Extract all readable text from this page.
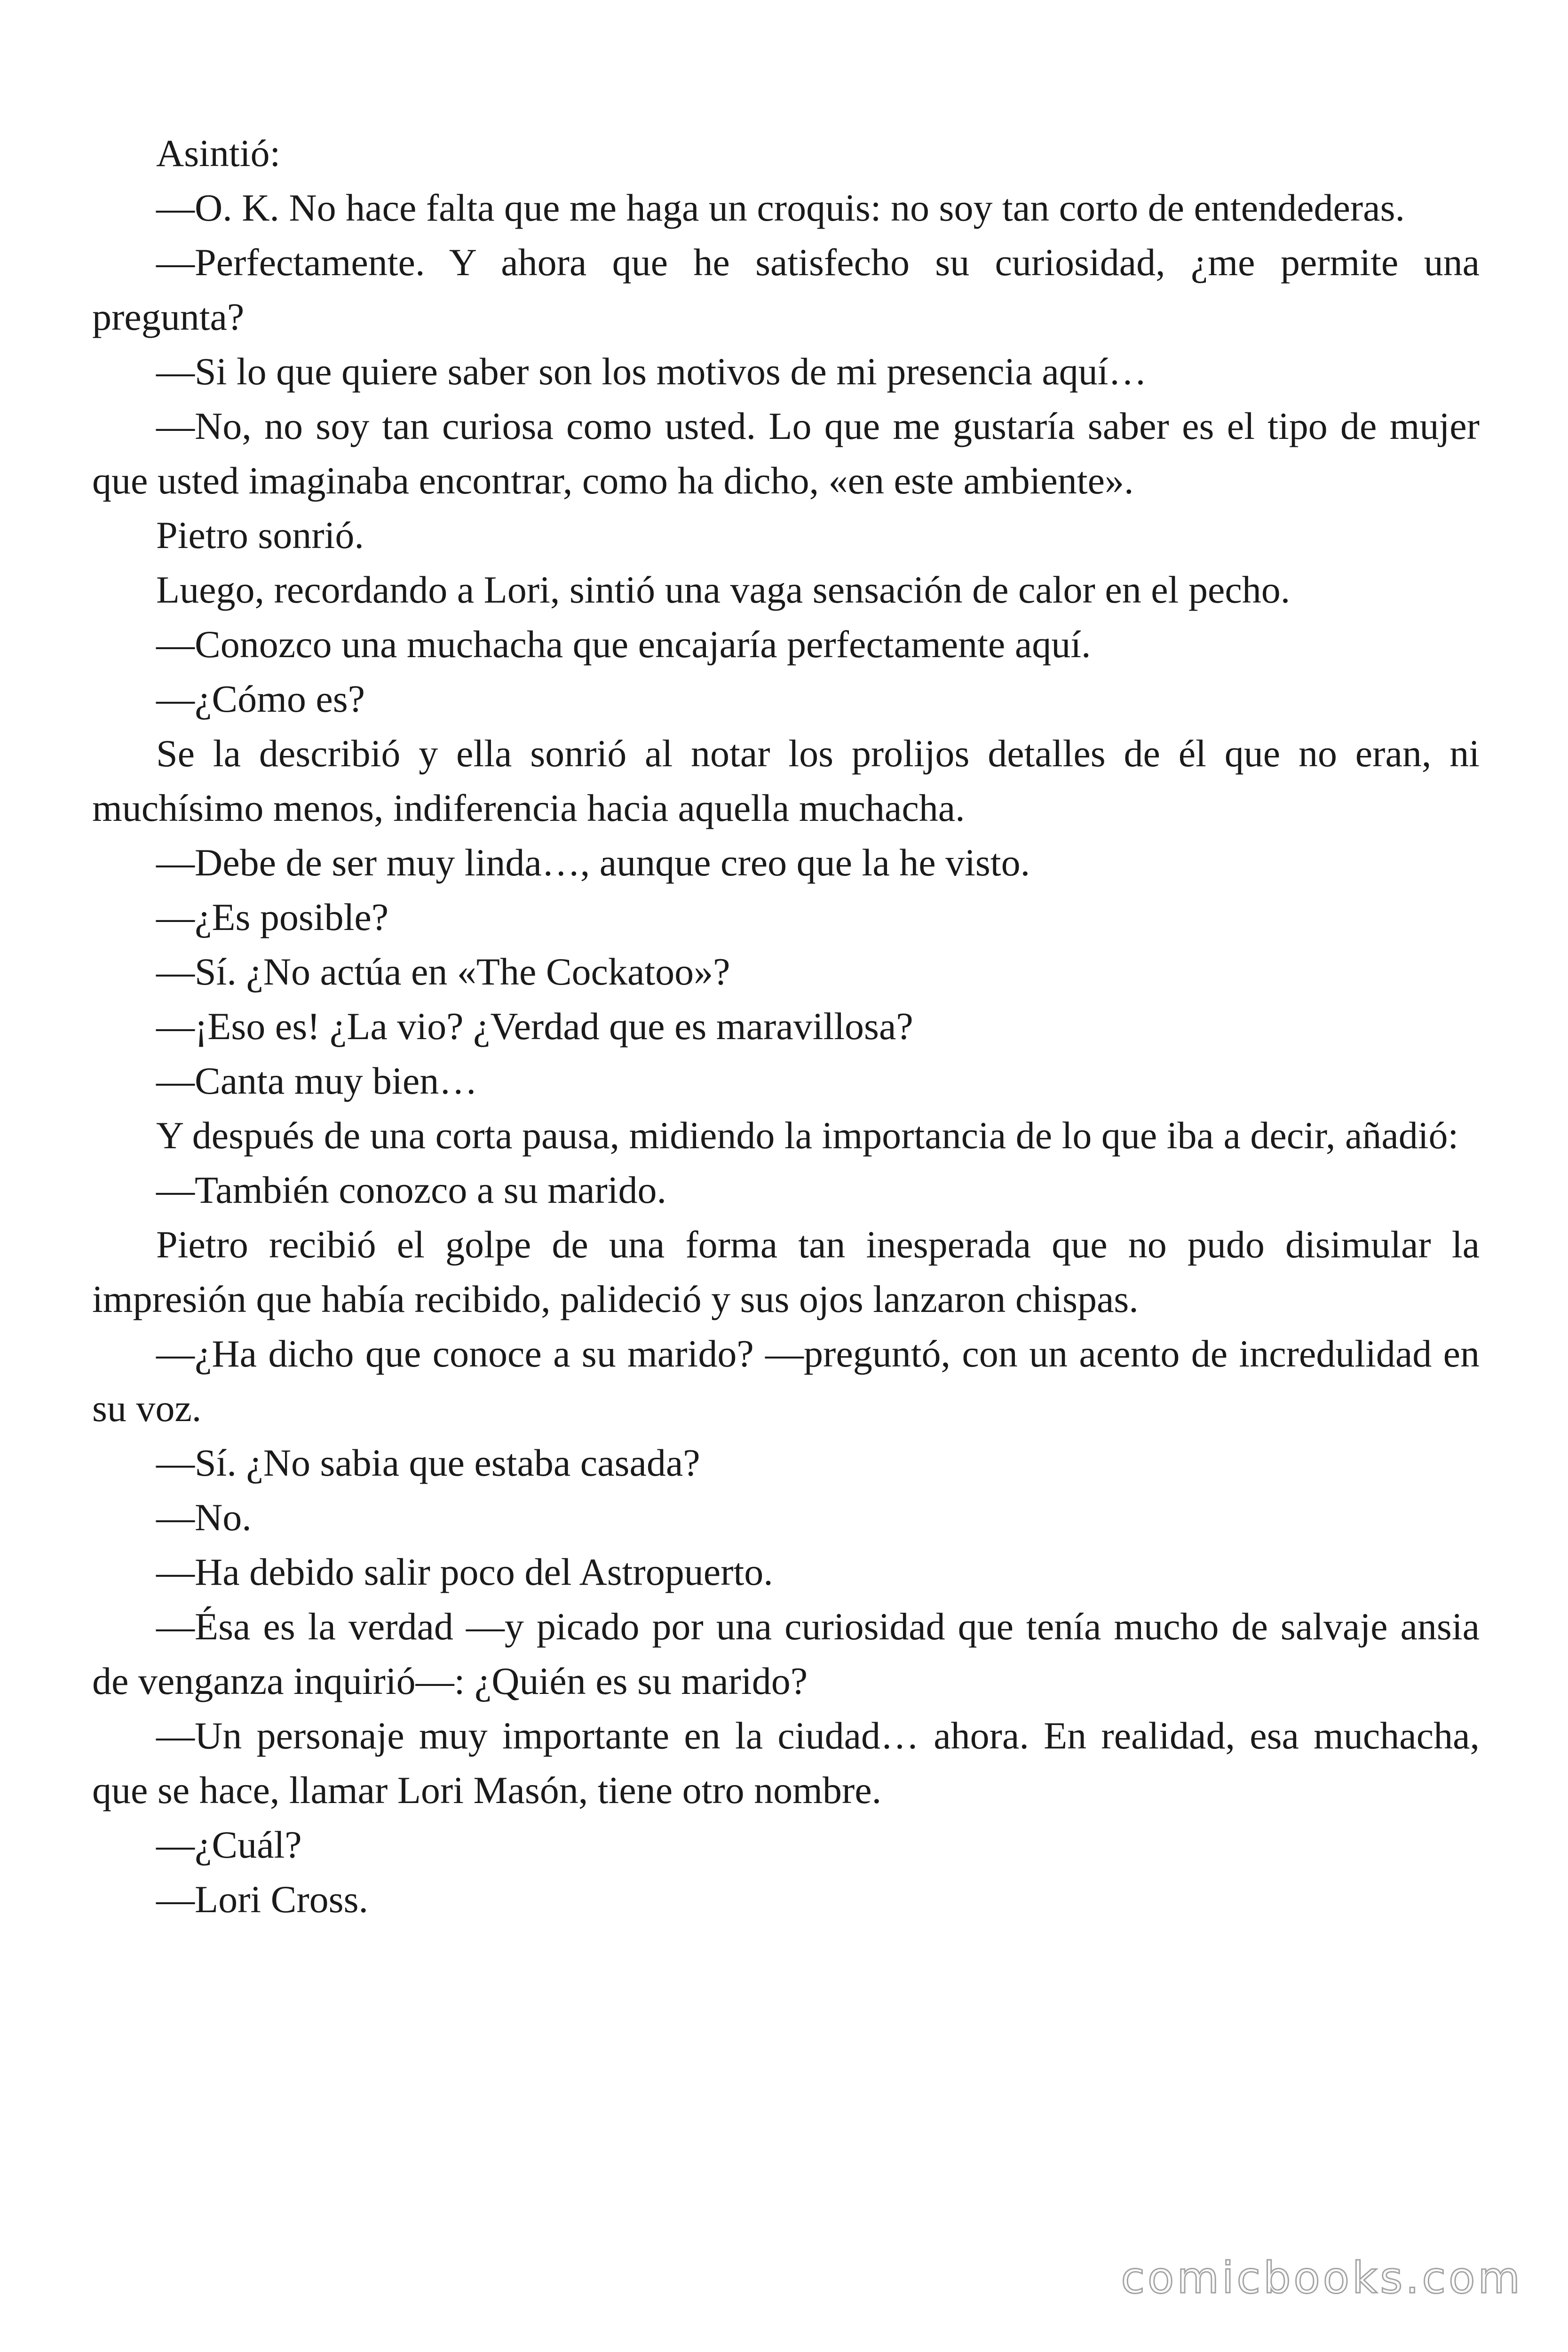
Asintió:

—O. K. No hace falta que me haga un croquis: no soy tan corto de entendederas.

—Perfectamente. Y ahora que he satisfecho su curiosidad, ¿me permite una pregunta?

—Si lo que quiere saber son los motivos de mi presencia aquí…

—No, no soy tan curiosa como usted. Lo que me gustaría saber es el tipo de mujer que usted imaginaba encontrar, como ha dicho, «en este ambiente».

Pietro sonrió.

Luego, recordando a Lori, sintió una vaga sensación de calor en el pecho.

—Conozco una muchacha que encajaría perfectamente aquí.

—¿Cómo es?

Se la describió y ella sonrió al notar los prolijos detalles de él que no eran, ni muchísimo menos, indiferencia hacia aquella muchacha.

—Debe de ser muy linda…, aunque creo que la he visto.

—¿Es posible?

—Sí. ¿No actúa en «The Cockatoo»?

—¡Eso es! ¿La vio? ¿Verdad que es maravillosa?

—Canta muy bien…

Y después de una corta pausa, midiendo la importancia de lo que iba a decir, añadió:

—También conozco a su marido.

Pietro recibió el golpe de una forma tan inesperada que no pudo disimular la impresión que había recibido, palideció y sus ojos lanzaron chispas.

—¿Ha dicho que conoce a su marido? —preguntó, con un acento de incredulidad en su voz.

—Sí. ¿No sabia que estaba casada?

—No.

—Ha debido salir poco del Astropuerto.

—Ésa es la verdad —y picado por una curiosidad que tenía mucho de salvaje ansia de venganza inquirió—: ¿Quién es su marido?

—Un personaje muy importante en la ciudad… ahora. En realidad, esa muchacha, que se hace, llamar Lori Masón, tiene otro nombre.

—¿Cuál?

—Lori Cross.

comicbooks.com
